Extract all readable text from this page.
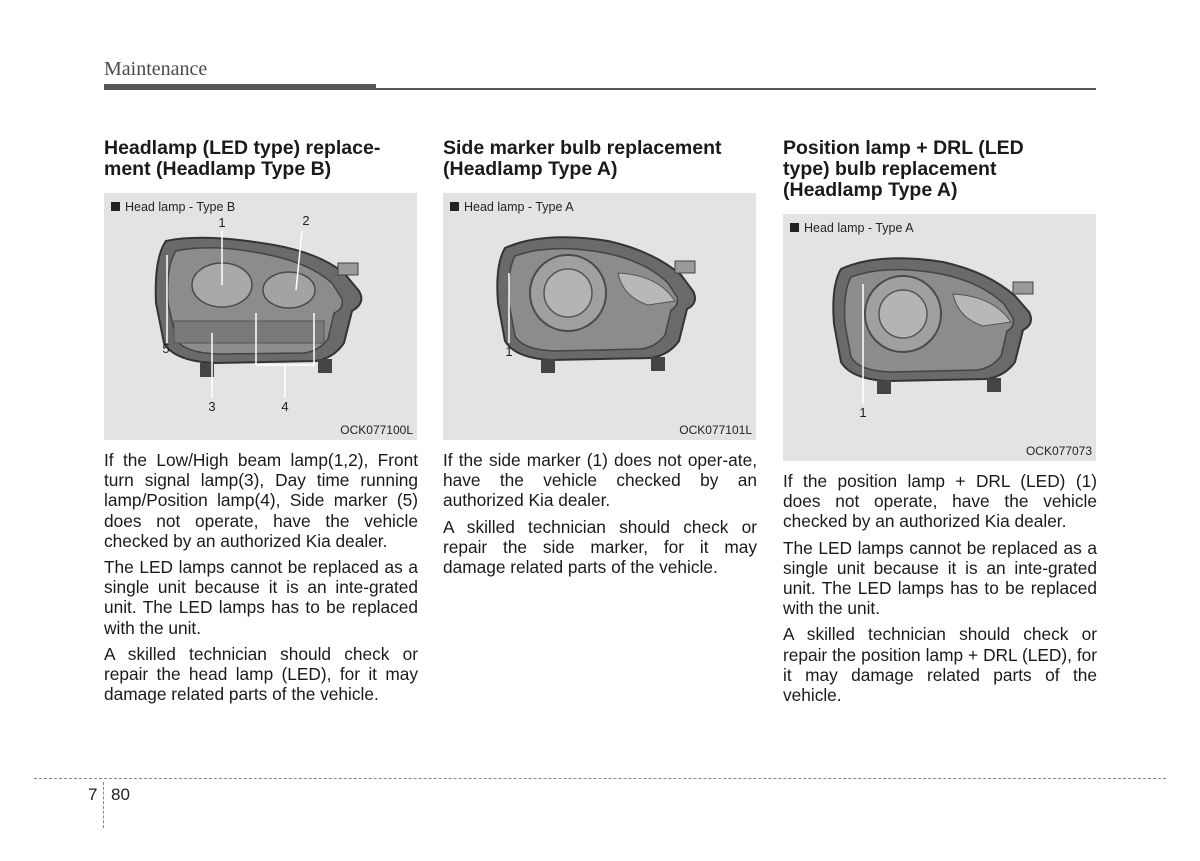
Maintenance
Headlamp (LED type) replace-
ment (Headlamp Type B)
1	2
5
3	4
Head lamp - Type B
OCK077100L

If the Low/High beam lamp(1,2), Front turn signal lamp(3), Day time running lamp/Position lamp(4), Side marker (5) does not operate, have the vehicle checked by an authorized Kia dealer.

The LED lamps cannot be replaced as a single unit because it is an inte-grated unit. The LED lamps has to be replaced with the unit.

A skilled technician should check or repair the head lamp (LED), for it may damage related parts of the vehicle.

Side marker bulb replacement
(Headlamp Type A)
1
Head lamp - Type A
OCK077101L

If the side marker (1) does not oper-ate, have the vehicle checked by an authorized Kia dealer.

A skilled technician should check or repair the side marker, for it may damage related parts of the vehicle.

Position lamp + DRL (LED
type) bulb replacement
(Headlamp Type A)
1
Head lamp - Type A
OCK077073

If the position lamp + DRL (LED) (1) does not operate, have the vehicle checked by an authorized Kia dealer.

The LED lamps cannot be replaced as a single unit because it is an inte-grated unit. The LED lamps has to be replaced with the unit.

A skilled technician should check or repair the position lamp + DRL (LED), for it may damage related parts of the vehicle.

7 80
